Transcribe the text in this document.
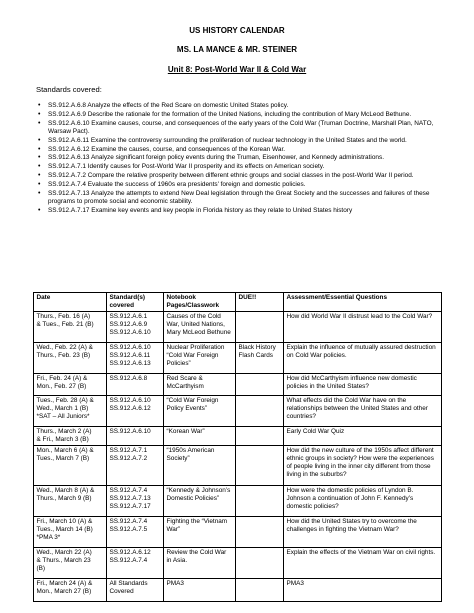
US HISTORY CALENDAR
MS. LA MANCE & MR. STEINER
Unit 8: Post-World War II & Cold War
Standards covered:
• SS.912.A.6.8 Analyze the effects of the Red Scare on domestic United States policy.
• SS.912.A.6.9 Describe the rationale for the formation of the United Nations, including the contribution of Mary McLeod Bethune.
• SS.912.A.6.10 Examine causes, course, and consequences of the early years of the Cold War (Truman Doctrine, Marshall Plan, NATO, Warsaw Pact).
• SS.912.A.6.11 Examine the controversy surrounding the proliferation of nuclear technology in the United States and the world.
• SS.912.A.6.12 Examine the causes, course, and consequences of the Korean War.
• SS.912.A.6.13 Analyze significant foreign policy events during the Truman, Eisenhower, and Kennedy administrations.
• SS.912.A.7.1 Identify causes for Post-World War II prosperity and its effects on American society.
• SS.912.A.7.2 Compare the relative prosperity between different ethnic groups and social classes in the post-World War II period.
• SS.912.A.7.4 Evaluate the success of 1960s era presidents' foreign and domestic policies.
• SS.912.A.7.13 Analyze the attempts to extend New Deal legislation through the Great Society and the successes and failures of these programs to promote social and economic stability.
• SS.912.A.7.17 Examine key events and key people in Florida history as they relate to United States history
Date	Standard(s) covered	Notebook Pages/Classwork	DUE!!	Assessment/Essential Questions
Thurs., Feb. 16 (A)
& Tues., Feb. 21 (B)	SS.912.A.6.1
SS.912.A.6.9
SS.912.A.6.10	Causes of the Cold War, United Nations, Mary McLeod Bethune		How did World War II distrust lead to the Cold War?
Wed., Feb. 22 (A) &
Thurs., Feb. 23 (B)	SS.912.A.6.10
SS.912.A.6.11
SS.912.A.6.13	Nuclear Proliferation
“Cold War Foreign Policies”	Black History Flash Cards	Explain the influence of mutually assured destruction on Cold War policies.
Fri., Feb. 24 (A) &
Mon., Feb. 27 (B)	SS.912.A.6.8	Red Scare &
McCarthyism		How did McCarthyism influence new domestic policies in the United States?
Tues., Feb. 28 (A) &
Wed., March 1 (B)
*SAT – All Juniors*	SS.912.A.6.10
SS.912.A.6.12	“Cold War Foreign Policy Events”		What effects did the Cold War have on the relationships between the United States and other countries?
Thurs., March 2 (A)
& Fri., March 3 (B)	SS.912.A.6.10	“Korean War”		Early Cold War Quiz
Mon., March 6 (A) &
Tues., March 7 (B)	SS.912.A.7.1
SS.912.A.7.2	“1950s American Society”		How did the new culture of the 1950s affect different ethnic groups in society? How were the experiences of people living in the inner city different from those living in the suburbs?
Wed., March 8 (A) &
Thurs., March 9 (B)	SS.912.A.7.4
SS.912.A.7.13
SS.912.A.7.17	“Kennedy & Johnson’s Domestic Policies”		How were the domestic policies of Lyndon B. Johnson a continuation of John F. Kennedy’s domestic policies?
Fri., March 10 (A) &
Tues., March 14 (B)
*PMA 3*	SS.912.A.7.4
SS.912.A.7.5	Fighting the “Vietnam War”		How did the United States try to overcome the challenges in fighting the Vietnam War?
Wed., March 22 (A)
& Thurs., March 23
(B)	SS.912.A.6.12
SS.912.A.7.4	Review the Cold War in Asia.		Explain the effects of the Vietnam War on civil rights.
Fri., March 24 (A) &
Mon., March 27 (B)	All Standards Covered	PMA3		PMA3
